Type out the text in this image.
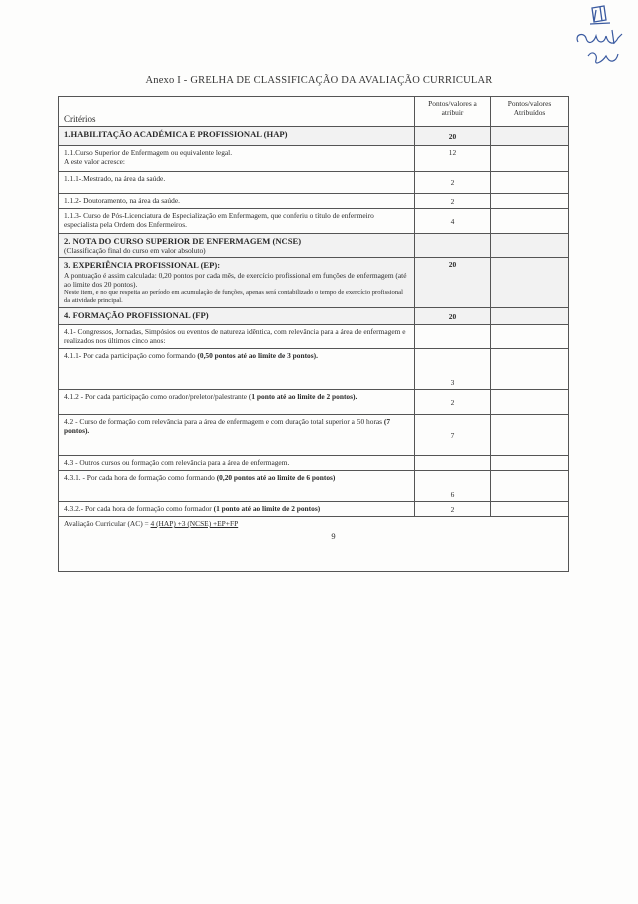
Anexo I - GRELHA DE CLASSIFICAÇÃO DA AVALIAÇÃO CURRICULAR
Critérios	Pontos/valores a atribuir	Pontos/valores Atribuídos
1.HABILITAÇÃO ACADÉMICA E PROFISSIONAL (HAP)	20	

1.1.Curso Superior de Enfermagem ou equivalente legal.
A este valor acresce:	12	
1.1.1-.Mestrado, na área da saúde.	2	
1.1.2- Doutoramento, na área da saúde.	2	
1.1.3- Curso de Pós-Licenciatura de Especialização em Enfermagem, que conferiu o título de enfermeiro especialista pela Ordem dos Enfermeiros.	4	

2. NOTA DO CURSO SUPERIOR DE ENFERMAGEM (NCSE)
(Classificação final do curso em valor absoluto)		

3. EXPERIÊNCIA PROFISSIONAL (EP):
A pontuação é assim calculada: 0,20 pontos por cada mês, de exercício profissional em funções de enfermagem (até ao limite dos 20 pontos).
Neste item, e no que respeita ao período em acumulação de funções, apenas será contabilizado o tempo de exercício profissional da atividade principal.	20	
4. FORMAÇÃO PROFISSIONAL (FP)	20	
4.1- Congressos, Jornadas, Simpósios ou eventos de natureza idêntica, com relevância para a área de enfermagem e realizados nos últimos cinco anos:		
4.1.1- Por cada participação como formando (0,50 pontos até ao limite de 3 pontos).	3	
4.1.2 - Por cada participação como orador/preletor/palestrante (1 ponto até ao limite de 2 pontos).	2	
4.2 - Curso de formação com relevância para a área de enfermagem e com duração total superior a 50 horas (7 pontos).	7	
4.3 - Outros cursos ou formação com relevância para a área de enfermagem.		
4.3.1. - Por cada hora de formação como formando (0,20 pontos até ao limite de 6 pontos)	6	
4.3.2.- Por cada hora de formação como formador (1 ponto até ao limite de 2 pontos)	2	
Avaliação Curricular (AC) = 4 (HAP) +3 (NCSE) +EP+FP
9		
